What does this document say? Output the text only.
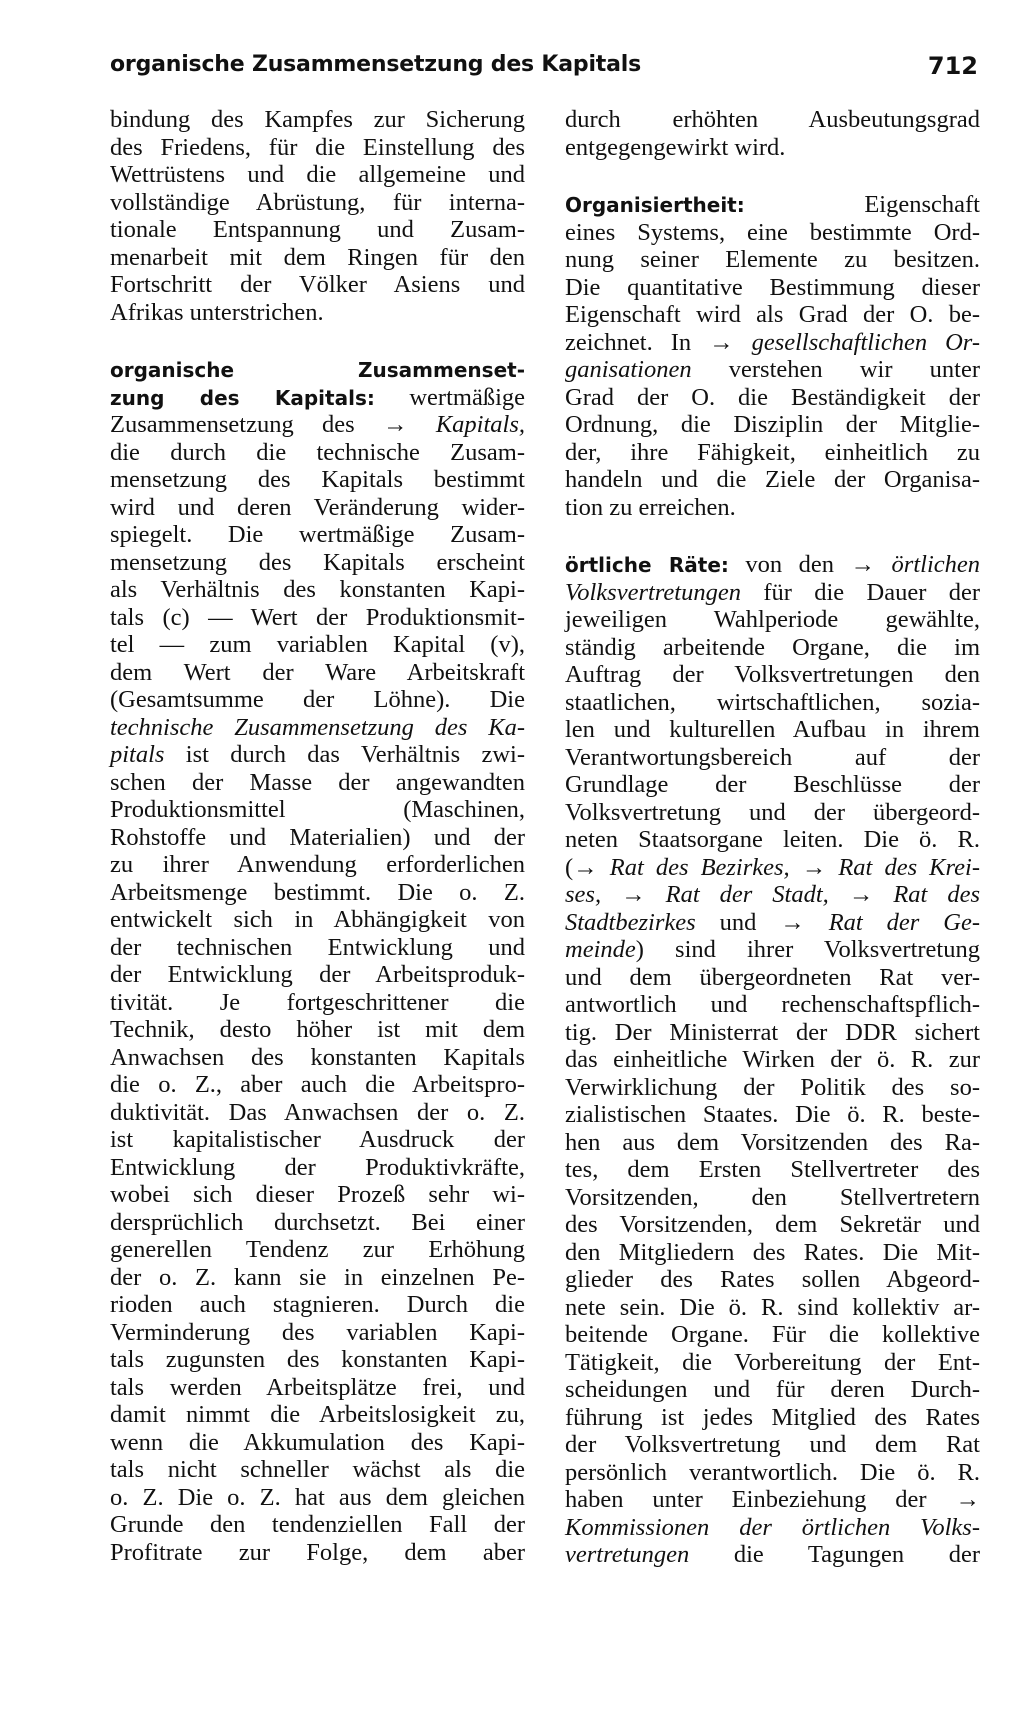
organische Zusammensetzung des Kapitals	712
bindung des Kampfes zur Sicherung
des Friedens, für die Einstellung des
Wettrüstens und die allgemeine und
vollständige Abrüstung, für interna-
tionale Entspannung und Zusam-
menarbeit mit dem Ringen für den
Fortschritt der Völker Asiens und
Afrikas unterstrichen.
organische Zusammenset-
zung des Kapitals: wertmäßige
Zusammensetzung des → Kapitals,
die durch die technische Zusam-
mensetzung des Kapitals bestimmt
wird und deren Veränderung wider-
spiegelt. Die wertmäßige Zusam-
mensetzung des Kapitals erscheint
als Verhältnis des konstanten Kapi-
tals (c) — Wert der Produktionsmit-
tel — zum variablen Kapital (v),
dem Wert der Ware Arbeitskraft
(Gesamtsumme der Löhne). Die
technische Zusammensetzung des Ka-
pitals ist durch das Verhältnis zwi-
schen der Masse der angewandten
Produktionsmittel (Maschinen,
Rohstoffe und Materialien) und der
zu ihrer Anwendung erforderlichen
Arbeitsmenge bestimmt. Die o. Z.
entwickelt sich in Abhängigkeit von
der technischen Entwicklung und
der Entwicklung der Arbeitsproduk-
tivität. Je fortgeschrittener die
Technik, desto höher ist mit dem
Anwachsen des konstanten Kapitals
die o. Z., aber auch die Arbeitspro-
duktivität. Das Anwachsen der o. Z.
ist kapitalistischer Ausdruck der
Entwicklung der Produktivkräfte,
wobei sich dieser Prozeß sehr wi-
dersprüchlich durchsetzt. Bei einer
generellen Tendenz zur Erhöhung
der o. Z. kann sie in einzelnen Pe-
rioden auch stagnieren. Durch die
Verminderung des variablen Kapi-
tals zugunsten des konstanten Kapi-
tals werden Arbeitsplätze frei, und
damit nimmt die Arbeitslosigkeit zu,
wenn die Akkumulation des Kapi-
tals nicht schneller wächst als die
o. Z. Die o. Z. hat aus dem gleichen
Grunde den tendenziellen Fall der
Profitrate zur Folge, dem aber
durch erhöhten Ausbeutungsgrad
entgegengewirkt wird.
Organisiertheit: Eigenschaft
eines Systems, eine bestimmte Ord-
nung seiner Elemente zu besitzen.
Die quantitative Bestimmung dieser
Eigenschaft wird als Grad der O. be-
zeichnet. In → gesellschaftlichen Or-
ganisationen verstehen wir unter
Grad der O. die Beständigkeit der
Ordnung, die Disziplin der Mitglie-
der, ihre Fähigkeit, einheitlich zu
handeln und die Ziele der Organisa-
tion zu erreichen.
örtliche Räte: von den → örtlichen
Volksvertretungen für die Dauer der
jeweiligen Wahlperiode gewählte,
ständig arbeitende Organe, die im
Auftrag der Volksvertretungen den
staatlichen, wirtschaftlichen, sozia-
len und kulturellen Aufbau in ihrem
Verantwortungsbereich auf der
Grundlage der Beschlüsse der
Volksvertretung und der übergeord-
neten Staatsorgane leiten. Die ö. R.
(→ Rat des Bezirkes, → Rat des Krei-
ses, → Rat der Stadt, → Rat des
Stadtbezirkes und → Rat der Ge-
meinde) sind ihrer Volksvertretung
und dem übergeordneten Rat ver-
antwortlich und rechenschaftspflich-
tig. Der Ministerrat der DDR sichert
das einheitliche Wirken der ö. R. zur
Verwirklichung der Politik des so-
zialistischen Staates. Die ö. R. beste-
hen aus dem Vorsitzenden des Ra-
tes, dem Ersten Stellvertreter des
Vorsitzenden, den Stellvertretern
des Vorsitzenden, dem Sekretär und
den Mitgliedern des Rates. Die Mit-
glieder des Rates sollen Abgeord-
nete sein. Die ö. R. sind kollektiv ar-
beitende Organe. Für die kollektive
Tätigkeit, die Vorbereitung der Ent-
scheidungen und für deren Durch-
führung ist jedes Mitglied des Rates
der Volksvertretung und dem Rat
persönlich verantwortlich. Die ö. R.
haben unter Einbeziehung der →
Kommissionen der örtlichen Volks-
vertretungen die Tagungen der
